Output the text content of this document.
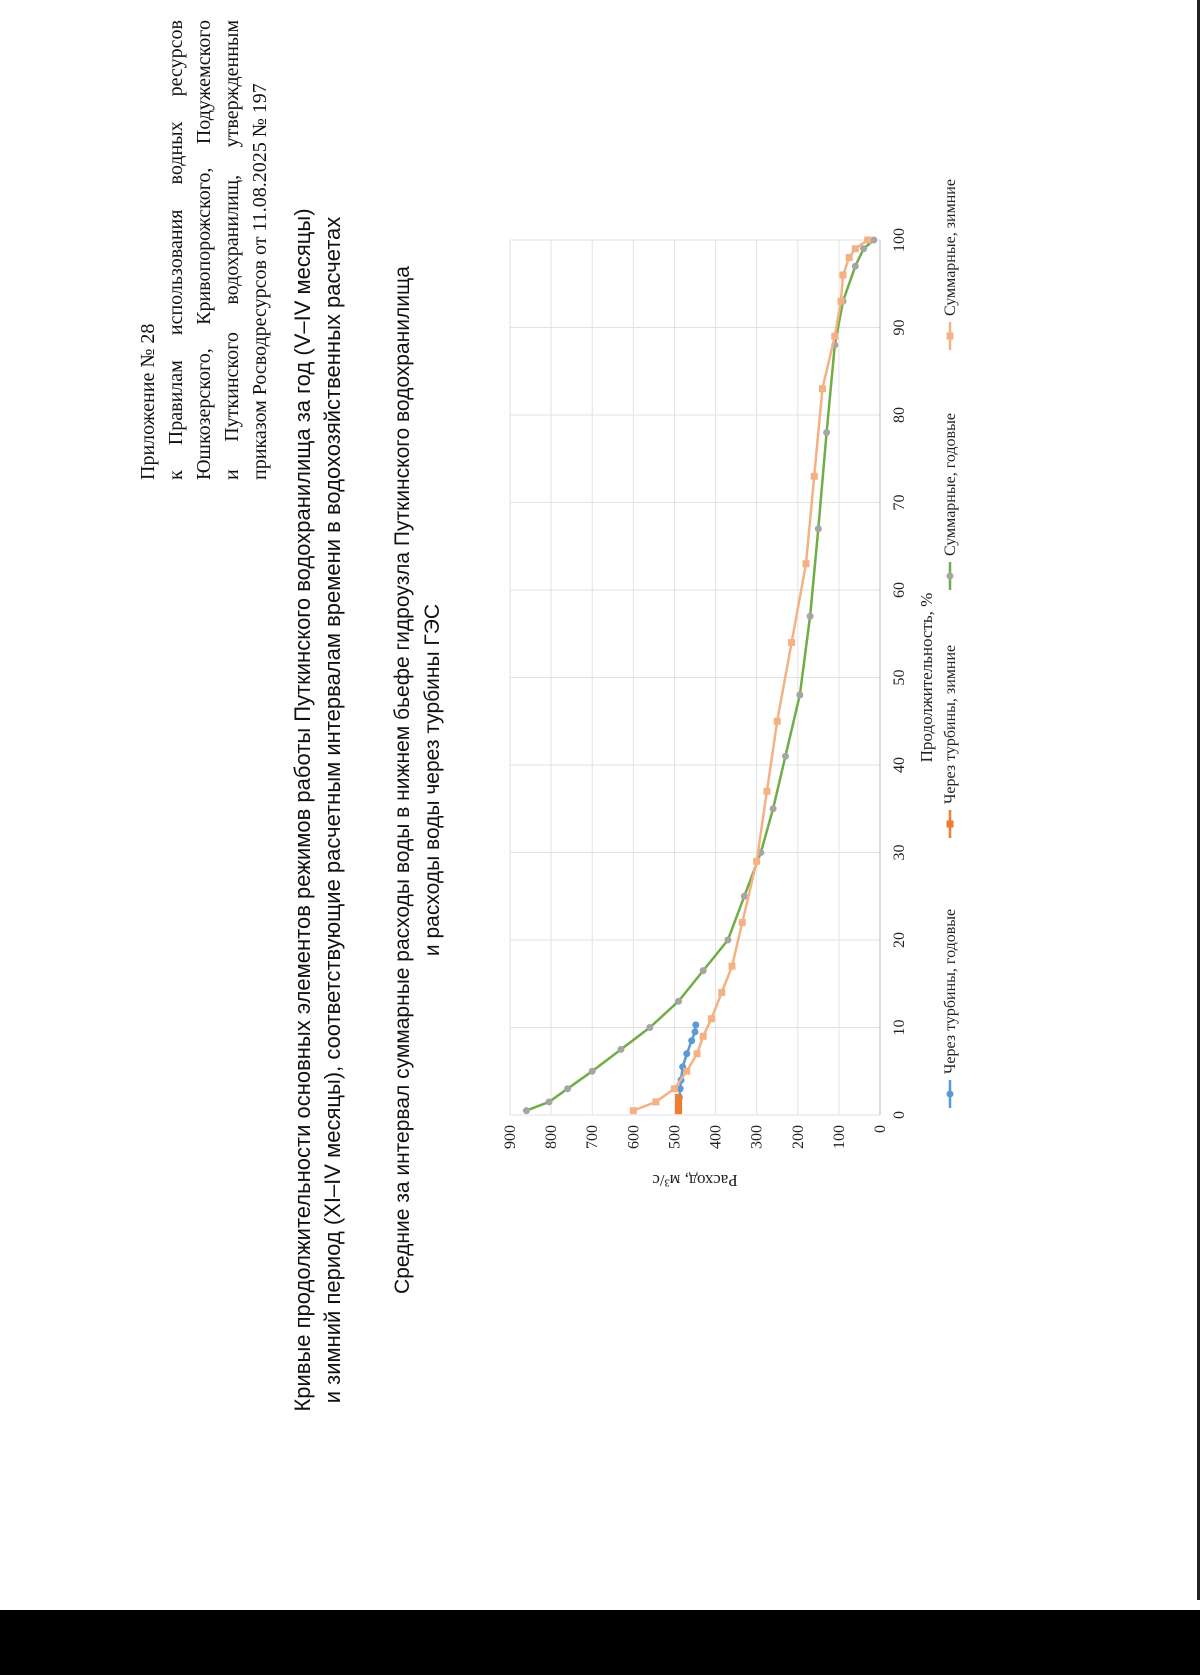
Приложение № 28 к Правилам использования водных ресурсов Юшкозерского, Кривопорожского, Подужемского и Путкинского водохранилищ, утвержденным приказом Росводресурсов от 11.08.2025 № 197 Кривые продолжительности основных элементов режимов работы Путкинского водохранилища за год (V–IV месяцы) и зимний период (XI–IV месяцы), соответствующие расчетным интервалам времени в водохозяйственных расчетах Средние за интервал суммарные расходы воды в нижнем бьефе гидроузла Путкинского водохранилища и расходы воды через турбины ГЭС
0
10
20
30
40
50
60
70
80
90
100
0
100
200
300
400
500
600
700
800
900
Продолжительность, %
Расход, м³/с
Через турбины, годовые
Через турбины, зимние
Суммарные, годовые
Суммарные, зимние
